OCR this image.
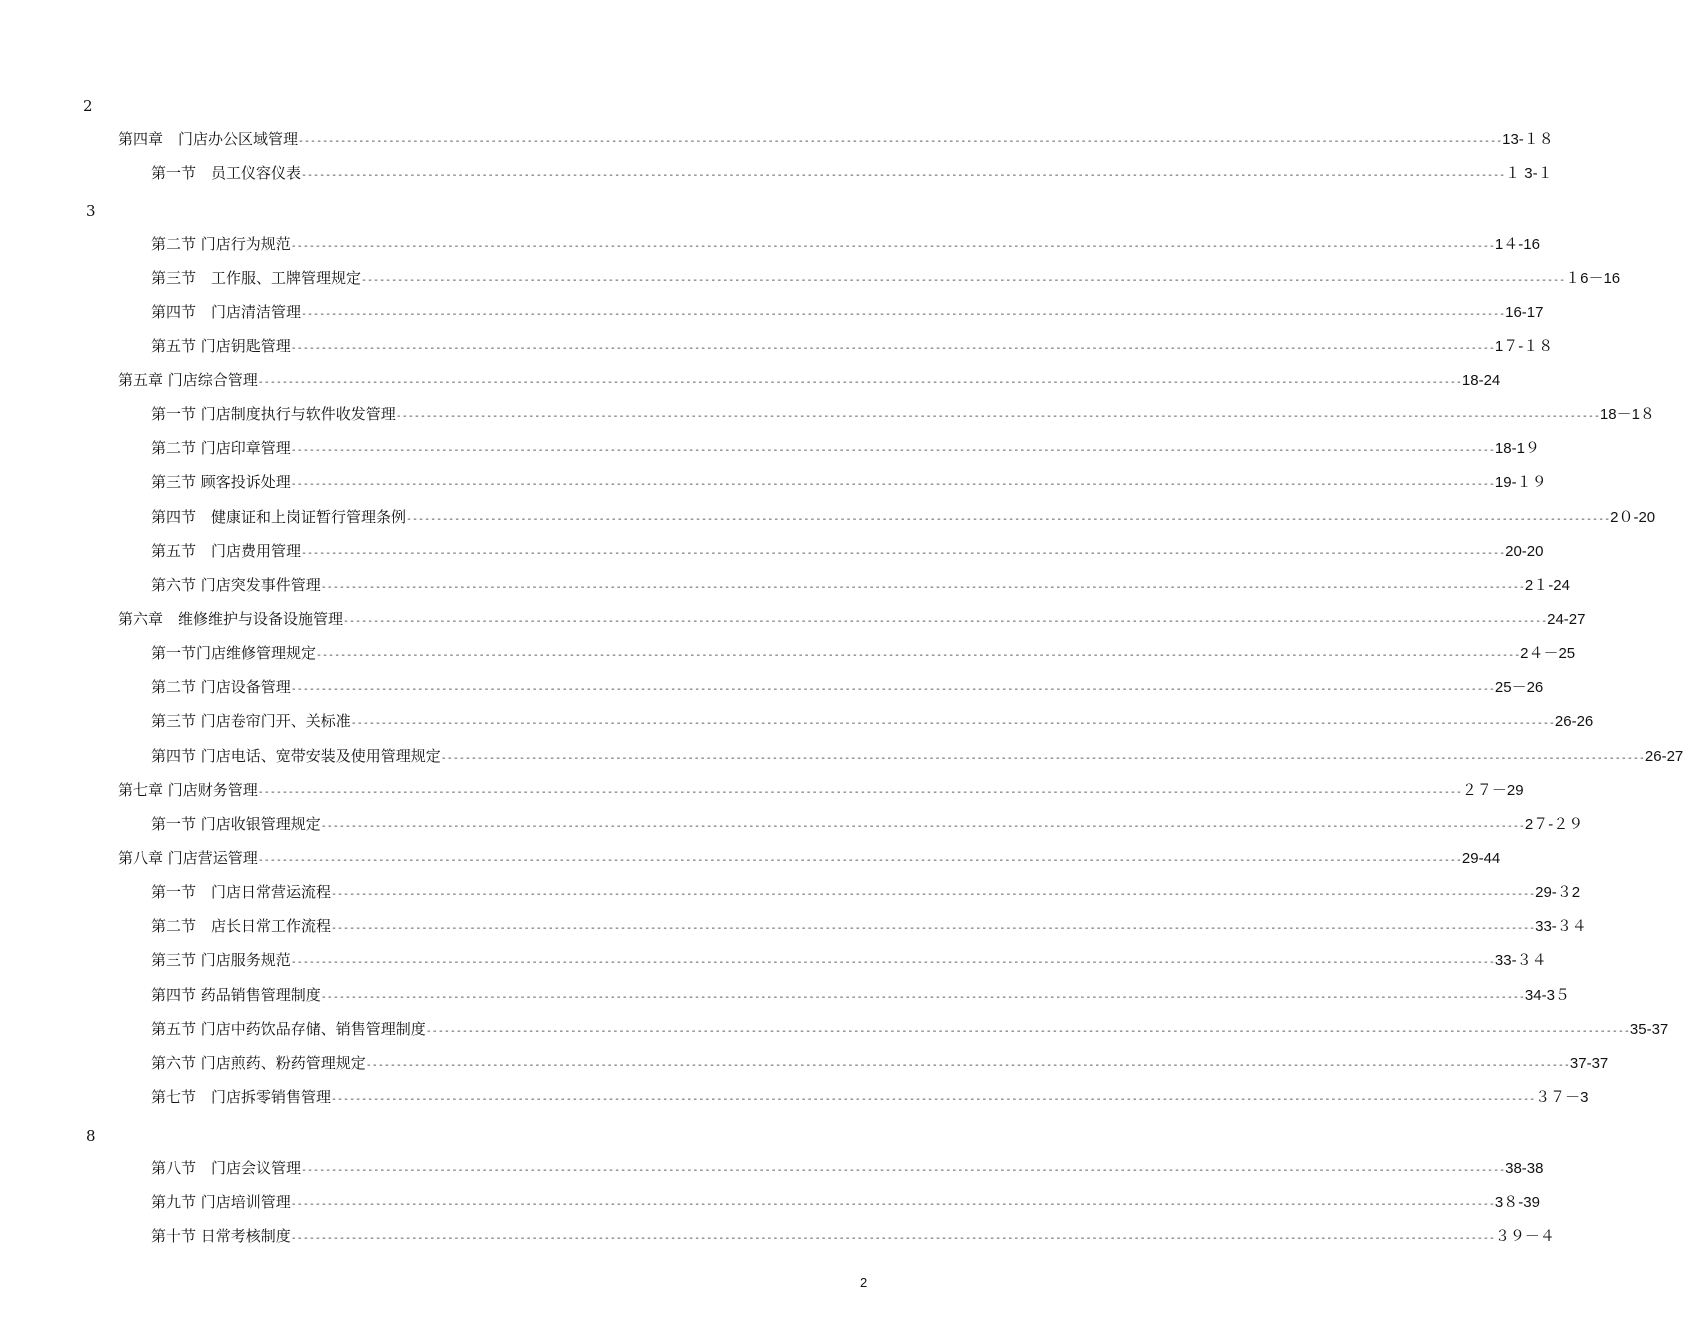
2
第四章　门店办公区域管理 -------------------------------------------------------------------------------------------------------------------------------------------------------------------------------------------------------- 13-１８
第一节　员工仪容仪表 -------------------------------------------------------------------------------------------------------------------------------------------------------------------------------------------------------- １ 3-１
第二节 门店行为规范 -------------------------------------------------------------------------------------------------------------------------------------------------------------------------------------------------------- 1４-16
第三节　工作服、工牌管理规定 -------------------------------------------------------------------------------------------------------------------------------------------------------------------------------------------------------- １6－16
第四节　门店清洁管理 -------------------------------------------------------------------------------------------------------------------------------------------------------------------------------------------------------- 16-17
第五节 门店钥匙管理 -------------------------------------------------------------------------------------------------------------------------------------------------------------------------------------------------------- 1７-１８
第五章 门店综合管理 -------------------------------------------------------------------------------------------------------------------------------------------------------------------------------------------------------- 18-24
第一节 门店制度执行与软件收发管理 -------------------------------------------------------------------------------------------------------------------------------------------------------------------------------------------------------- 18－1８
第二节 门店印章管理 -------------------------------------------------------------------------------------------------------------------------------------------------------------------------------------------------------- 18-1９
第三节 顾客投诉处理 -------------------------------------------------------------------------------------------------------------------------------------------------------------------------------------------------------- 19-１９
第四节　健康证和上岗证暂行管理条例 -------------------------------------------------------------------------------------------------------------------------------------------------------------------------------------------------------- 2０-20
第五节　门店费用管理 -------------------------------------------------------------------------------------------------------------------------------------------------------------------------------------------------------- 20-20
第六节 门店突发事件管理 -------------------------------------------------------------------------------------------------------------------------------------------------------------------------------------------------------- 2１-24
第六章　维修维护与设备设施管理 -------------------------------------------------------------------------------------------------------------------------------------------------------------------------------------------------------- 24-27
第一节门店维修管理规定 -------------------------------------------------------------------------------------------------------------------------------------------------------------------------------------------------------- 2４－25
第二节 门店设备管理 -------------------------------------------------------------------------------------------------------------------------------------------------------------------------------------------------------- 25－26
第三节 门店卷帘门开、关标准 -------------------------------------------------------------------------------------------------------------------------------------------------------------------------------------------------------- 26-26
第四节 门店电话、宽带安装及使用管理规定 -------------------------------------------------------------------------------------------------------------------------------------------------------------------------------------------------------- 26-27
第七章 门店财务管理 -------------------------------------------------------------------------------------------------------------------------------------------------------------------------------------------------------- ２７－29
第一节 门店收银管理规定 -------------------------------------------------------------------------------------------------------------------------------------------------------------------------------------------------------- 2７-２９
第八章 门店营运管理 -------------------------------------------------------------------------------------------------------------------------------------------------------------------------------------------------------- 29-44
第一节　门店日常营运流程 -------------------------------------------------------------------------------------------------------------------------------------------------------------------------------------------------------- 29-３2
第二节　店长日常工作流程 -------------------------------------------------------------------------------------------------------------------------------------------------------------------------------------------------------- 33-３４
第三节 门店服务规范 -------------------------------------------------------------------------------------------------------------------------------------------------------------------------------------------------------- 33-３４
第四节 药品销售管理制度 -------------------------------------------------------------------------------------------------------------------------------------------------------------------------------------------------------- 34-3５
第五节 门店中药饮品存储、销售管理制度 -------------------------------------------------------------------------------------------------------------------------------------------------------------------------------------------------------- 35-37
第六节 门店煎药、粉药管理规定 -------------------------------------------------------------------------------------------------------------------------------------------------------------------------------------------------------- 37-37
第七节　门店拆零销售管理 -------------------------------------------------------------------------------------------------------------------------------------------------------------------------------------------------------- ３７－3
第八节　门店会议管理 -------------------------------------------------------------------------------------------------------------------------------------------------------------------------------------------------------- 38-38
第九节 门店培训管理 -------------------------------------------------------------------------------------------------------------------------------------------------------------------------------------------------------- 3８-39
第十节 日常考核制度 -------------------------------------------------------------------------------------------------------------------------------------------------------------------------------------------------------- ３９－４
3
8
2
